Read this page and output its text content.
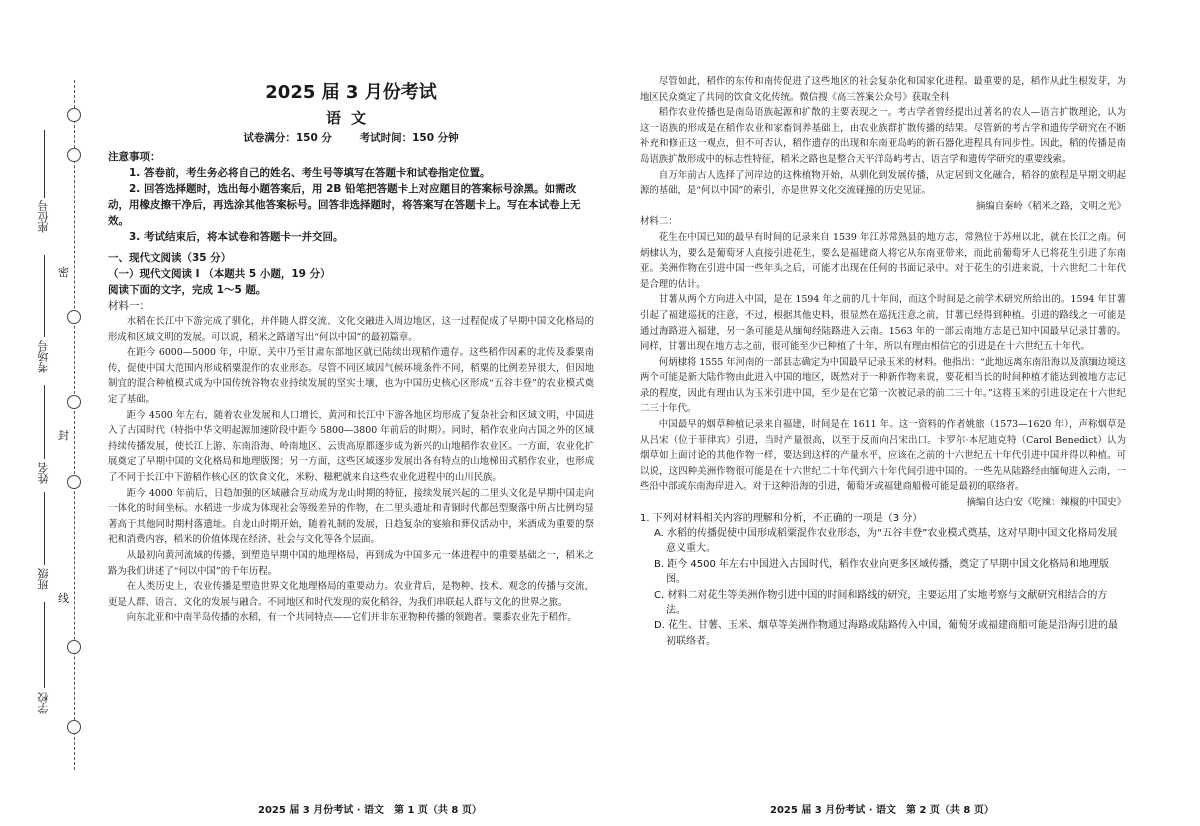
密
封
线
座位号
考场号
姓名
班级
学校
2025 届 3 月份考试
语文
试卷满分：150 分	考试时间：150 分钟
注意事项：
1. 答卷前，考生务必将自己的姓名、考生号等填写在答题卡和试卷指定位置。
2. 回答选择题时，选出每小题答案后，用 2B 铅笔把答题卡上对应题目的答案标号涂黑。如需改动，用橡皮擦干净后，再选涂其他答案标号。回答非选择题时，将答案写在答题卡上。写在本试卷上无效。
3. 考试结束后，将本试卷和答题卡一并交回。
一、现代文阅读（35 分）
（一）现代文阅读 Ⅰ （本题共 5 小题，19 分）
阅读下面的文字，完成 1～5 题。
材料一：

水稻在长江中下游完成了驯化，并伴随人群交流、文化交融进入周边地区，这一过程促成了早期中国文化格局的形成和区域文明的发展。可以说，稻米之路谱写出“何以中国”的最初篇章。

在距今 6000—5000 年，中原、关中乃至甘肃东部地区就已陆续出现稻作遗存。这些稻作因素的北传及黍粟南传，促使中国大范围内形成稻粟混作的农业形态。尽管不同区域因气候环境条件不同，稻粟的比例差异很大，但因地制宜的混合种植模式成为中国传统谷物农业持续发展的坚实土壤，也为中国历史核心区形成“五谷丰登”的农业模式奠定了基础。

距今 4500 年左右，随着农业发展和人口增长，黄河和长江中下游各地区均形成了复杂社会和区域文明，中国进入了古国时代（特指中华文明起源加速阶段中距今 5800—3800 年前后的时期）。同时，稻作农业向古国之外的区域持续传播发展，使长江上游、东南沿海、岭南地区、云贵高原都逐步成为新兴的山地稻作农业区。一方面，农业化扩展奠定了早期中国的文化格局和地理版图；另一方面，这些区域逐步发展出各有特点的山地梯田式稻作农业，也形成了不同于长江中下游稻作核心区的饮食文化，米粉、糍粑就来自这些农业化进程中的山川民族。

距今 4000 年前后，日趋加强的区域融合互动成为龙山时期的特征，接续发展兴起的二里头文化是早期中国走向一体化的时间坐标。水稻进一步成为体现社会等级差异的作物，在二里头遗址和青铜时代都邑型聚落中所占比例均显著高于其他同时期村落遗址。自龙山时期开始，随着礼制的发展，日趋复杂的宴飨和葬仪活动中，米酒成为重要的祭祀和消费内容，稻米的价值体现在经济、社会与文化等各个层面。

从最初向黄河流域的传播，到塑造早期中国的地理格局，再到成为中国多元一体进程中的重要基础之一，稻米之路为我们讲述了“何以中国”的千年历程。

在人类历史上，农业传播是塑造世界文化地理格局的重要动力。农业背后，是物种、技术、观念的传播与交流，更是人群、语言、文化的发展与融合。不同地区和时代发现的炭化稻谷，为我们串联起人群与文化的世界之旅。

向东北亚和中南半岛传播的水稻，有一个共同特点——它们并非东亚物种传播的领跑者。粟黍农业先于稻作。

尽管如此，稻作的东传和南传促进了这些地区的社会复杂化和国家化进程。最重要的是，稻作从此生根发芽，为地区民众奠定了共同的饮食文化传统。微信搜《高三答案公众号》获取全科

稻作农业传播也是南岛语族起源和扩散的主要表现之一。考古学者曾经提出过著名的农人—语言扩散理论，认为这一语族的形成是在稻作农业和家畜饲养基础上，由农业族群扩散传播的结果。尽管新的考古学和遗传学研究在不断补充和修正这一观点，但不可否认，稻作遗存的出现和东南亚岛屿的新石器化进程具有同步性。因此，稻的传播是南岛语族扩散形成中的标志性特征，稻米之路也是整合天平洋岛屿考古、语言学和遗传学研究的重要线索。

自万年前古人选择了河岸边的这株植物开始，从驯化到发展传播，从定居到文化融合，稻谷的旅程是早期文明起源的基础，是“何以中国”的索引，亦是世界文化交流碰撞的历史见证。

摘编自秦岭《稻米之路，文明之光》

材料二：

花生在中国已知的最早有时间的记录来自 1539 年江苏常熟县的地方志，常熟位于苏州以北，就在长江之南。何炳棣认为，要么是葡萄牙人直接引进花生，要么是福建商人将它从东南亚带来，而此前葡萄牙人已将花生引进了东南亚。美洲作物在引进中国一些年头之后，可能才出现在任何的书面记录中。对于花生的引进来说，十六世纪二十年代是合理的估计。

甘薯从两个方向进入中国，是在 1594 年之前的几十年间，而这个时间是之前学术研究所给出的。1594 年甘薯引起了福建巡抚的注意，不过，根据其他史料，很显然在巡抚注意之前，甘薯已经得到种植。引进的路线之一可能是通过海路进入福建，另一条可能是从缅甸经陆路进入云南。1563 年的一部云南地方志是已知中国最早记录甘薯的。同样，甘薯出现在地方志之前，很可能至少已种植了十年，所以有理由相信它的引进是在十六世纪五十年代。

何炳棣将 1555 年河南的一部县志确定为中国最早记录玉米的材料。他指出：“此地远离东南沿海以及滇缅边境这两个可能是新大陆作物由此进入中国的地区，既然对于一种新作物来说，要花相当长的时间种植才能达到被地方志记录的程度，因此有理由认为玉米引进中国，至少是在它第一次被记录的前二三十年。”这将玉米的引进设定在十六世纪二三十年代。

中国最早的烟草种植记录来自福建，时间是在 1611 年。这一资料的作者姚旅（1573—1620 年），声称烟草是从吕宋（位于菲律宾）引进，当时产量很高，以至于反而向吕宋出口。卡罗尔·本尼迪克特（Carol Benedict）认为烟草如上面讨论的其他作物一样，要达到这样的产量水平，应该在之前的十六世纪五十年代引进中国并得以种植。可以说，这四种美洲作物很可能是在十六世纪二十年代到六十年代间引进中国的。一些先从陆路经由缅甸进入云南，一些沿中部或东南海岸进入。对于这种沿海的引进，葡萄牙或福建商船极可能是最初的联络者。

摘编自达白安《吃辣：辣椒的中国史》

1. 下列对材料相关内容的理解和分析，不正确的一项是（3 分）
A. 水稻的传播促使中国形成稻粟混作农业形态，为“五谷丰登”农业模式奠基，这对早期中国文化格局发展意义重大。
B. 距今 4500 年左右中国进入古国时代，稻作农业向更多区域传播，奠定了早期中国文化格局和地理版图。
C. 材料二对花生等美洲作物引进中国的时间和路线的研究，主要运用了实地考察与文献研究相结合的方法。
D. 花生、甘薯、玉米、烟草等美洲作物通过海路或陆路传入中国，葡萄牙或福建商船可能是沿海引进的最初联络者。
2025 届 3 月份考试 · 语文　第 1 页（共 8 页）	2025 届 3 月份考试 · 语文　第 2 页（共 8 页）
